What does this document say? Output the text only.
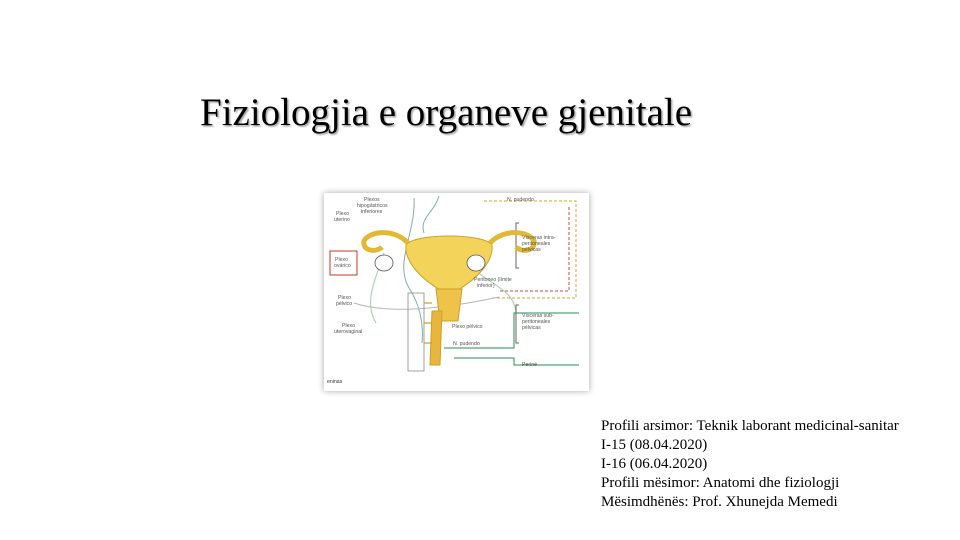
Fiziologjia e organeve gjenitale
Plexos hipogástricos inferiores
N. pudendo
Plexo uterino
Plexo ovárico
Vísceras intra- peritoneales pélvicas
Peritoneo (límite inferior)
Plexo pélvico
Plexo uterovaginal
Plexo pélvico
Vísceras sub- peritoneales pélvicas
N. pudendo
Periné
eninas
Profili arsimor: Teknik laborant medicinal-sanitar
I-15 (08.04.2020)
I-16 (06.04.2020)
Profili mësimor: Anatomi dhe fiziologji
Mësimdhënës: Prof. Xhunejda Memedi
